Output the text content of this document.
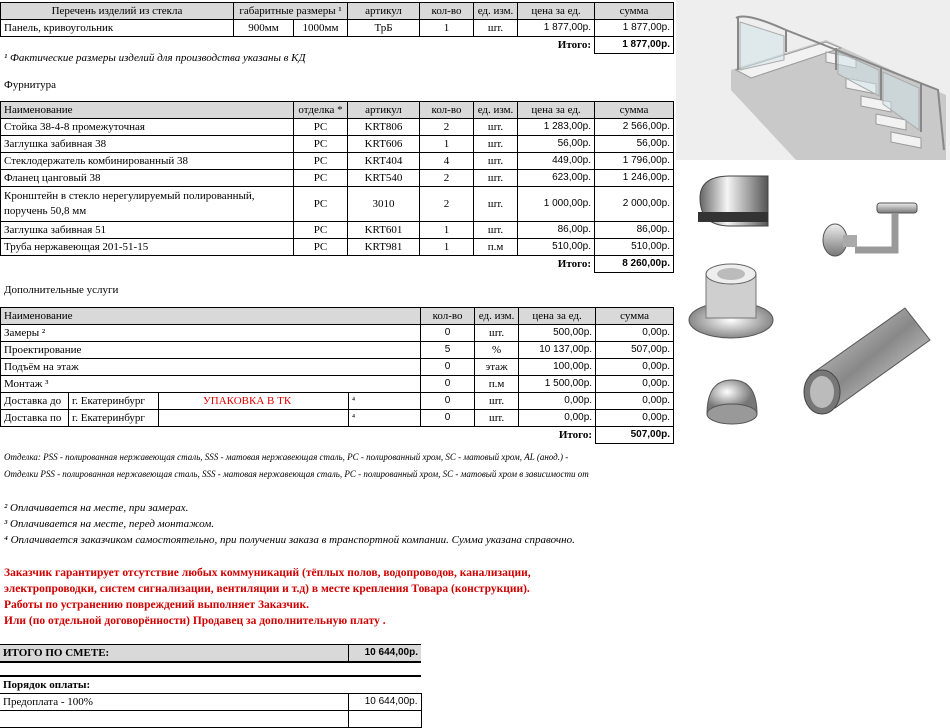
Перечень изделий из стекла	габаритные размеры ¹		артикул	кол-во	ед. изм.	цена за ед.	сумма
Панель, кривоугольник	900мм	1000мм	ТрБ	1	шт.	1 877,00р.	1 877,00р.
						Итого:	1 877,00р.
¹ Фактические размеры изделий для производства указаны в КД
Фурнитура
Наименование	отделка *	артикул	кол-во	ед. изм.	цена за ед.	сумма
Стойка 38-4-8 промежуточная	PC	KRT806	2	шт.	1 283,00р.	2 566,00р.
Заглушка забивная 38	PC	KRT606	1	шт.	56,00р.	56,00р.
Стеклодержатель комбинированный 38	PC	KRT404	4	шт.	449,00р.	1 796,00р.
Фланец цанговый 38	PC	KRT540	2	шт.	623,00р.	1 246,00р.
Кронштейн в стекло нерегулируемый полированный,
поручень 50,8 мм	PC	3010	2	шт.	1 000,00р.	2 000,00р.
Заглушка забивная 51	PC	KRT601	1	шт.	86,00р.	86,00р.
Труба нержавеющая 201-51-15	PC	KRT981	1	п.м	510,00р.	510,00р.
					Итого:	8 260,00р.
Дополнительные услуги
Наименование				кол-во	ед. изм.	цена за ед.	сумма
Замеры ²				0	шт.	500,00р.	0,00р.
Проектирование				5	%	10 137,00р.	507,00р.
Подъём на этаж				0	этаж	100,00р.	0,00р.
Монтаж ³				0	п.м	1 500,00р.	0,00р.
Доставка до	г. Екатеринбург	УПАКОВКА В ТК	⁴	0	шт.	0,00р.	0,00р.
Доставка по	г. Екатеринбург		⁴	0	шт.	0,00р.	0,00р.
						Итого:	507,00р.
Отделка: PSS - полированная нержавеющая сталь, SSS - матовая нержавеющая сталь, PC - полированный хром, SC - матовый хром, AL (анод.) -
Отделки PSS - полированная нержавеющая сталь, SSS - матовая нержавеющая сталь, PC - полированный хром, SC - матовый хром в зависимости от
² Оплачивается на месте, при замерах.
³ Оплачивается на месте, перед монтажом.
⁴ Оплачивается заказчиком самостоятельно, при получении заказа в транспортной компании. Сумма указана справочно.
Заказчик гарантирует отсутствие любых коммуникаций (тёплых полов, водопроводов, канализации,
электропроводки, систем сигнализации, вентиляции и т.д) в месте крепления Товара (конструкции).
Работы по устранению повреждений выполняет Заказчик.
Или (по отдельной договорённости) Продавец за дополнительную плату .
ИТОГО ПО СМЕТЕ:	10 644,00р.
Порядок оплаты:	
Предоплата - 100%	10 644,00р.
